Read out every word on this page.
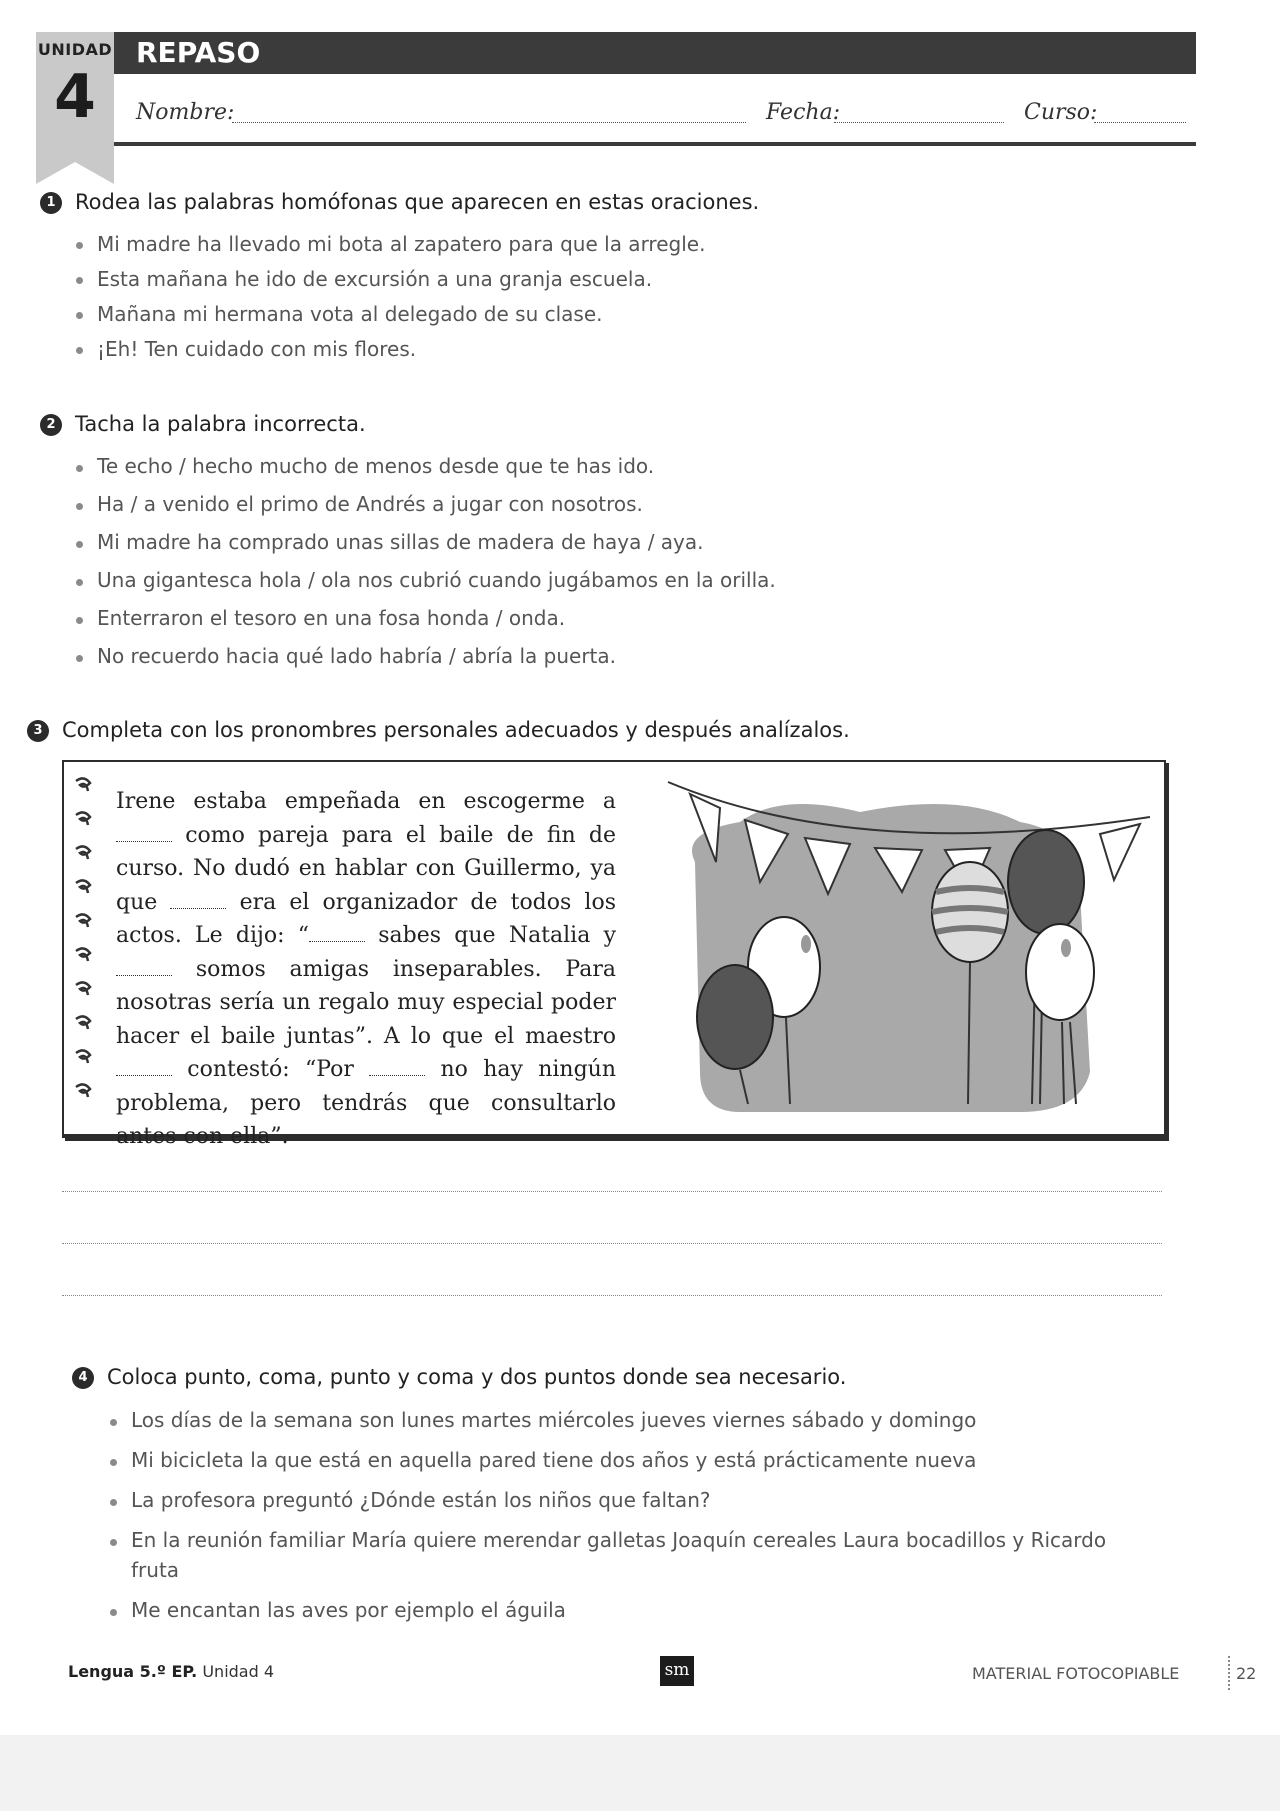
UNIDAD
4
REPASO
Nombre:	Fecha:	Curso:
1 Rodea las palabras homófonas que aparecen en estas oraciones.
Mi madre ha llevado mi bota al zapatero para que la arregle.
Esta mañana he ido de excursión a una granja escuela.
Mañana mi hermana vota al delegado de su clase.
¡Eh! Ten cuidado con mis flores.
2 Tacha la palabra incorrecta.
Te echo / hecho mucho de menos desde que te has ido.
Ha / a venido el primo de Andrés a jugar con nosotros.
Mi madre ha comprado unas sillas de madera de haya / aya.
Una gigantesca hola / ola nos cubrió cuando jugábamos en la orilla.
Enterraron el tesoro en una fosa honda / onda.
No recuerdo hacia qué lado habría / abría la puerta.
3 Completa con los pronombres personales adecuados y después analízalos.
Irene estaba empeñada en escogerme a  como pareja para el baile de fin de curso. No dudó en hablar con Guillermo, ya que	era el organizador de todos los actos. Le dijo: “	sabes que Natalia y  somos amigas inseparables. Para nosotras sería un regalo muy especial poder hacer el baile juntas”. A lo que el maestro  contestó: “Por	no hay ningún problema, pero tendrás que consultarlo antes con ella”.
4 Coloca punto, coma, punto y coma y dos puntos donde sea necesario.
Los días de la semana son lunes martes miércoles jueves viernes sábado y domingo
Mi bicicleta la que está en aquella pared tiene dos años y está prácticamente nueva
La profesora preguntó ¿Dónde están los niños que faltan?
En la reunión familiar María quiere merendar galletas Joaquín cereales Laura bocadillos y Ricardo
fruta
Me encantan las aves por ejemplo el águila
Lengua 5.º EP. Unidad 4	sm	MATERIAL FOTOCOPIABLE	22
